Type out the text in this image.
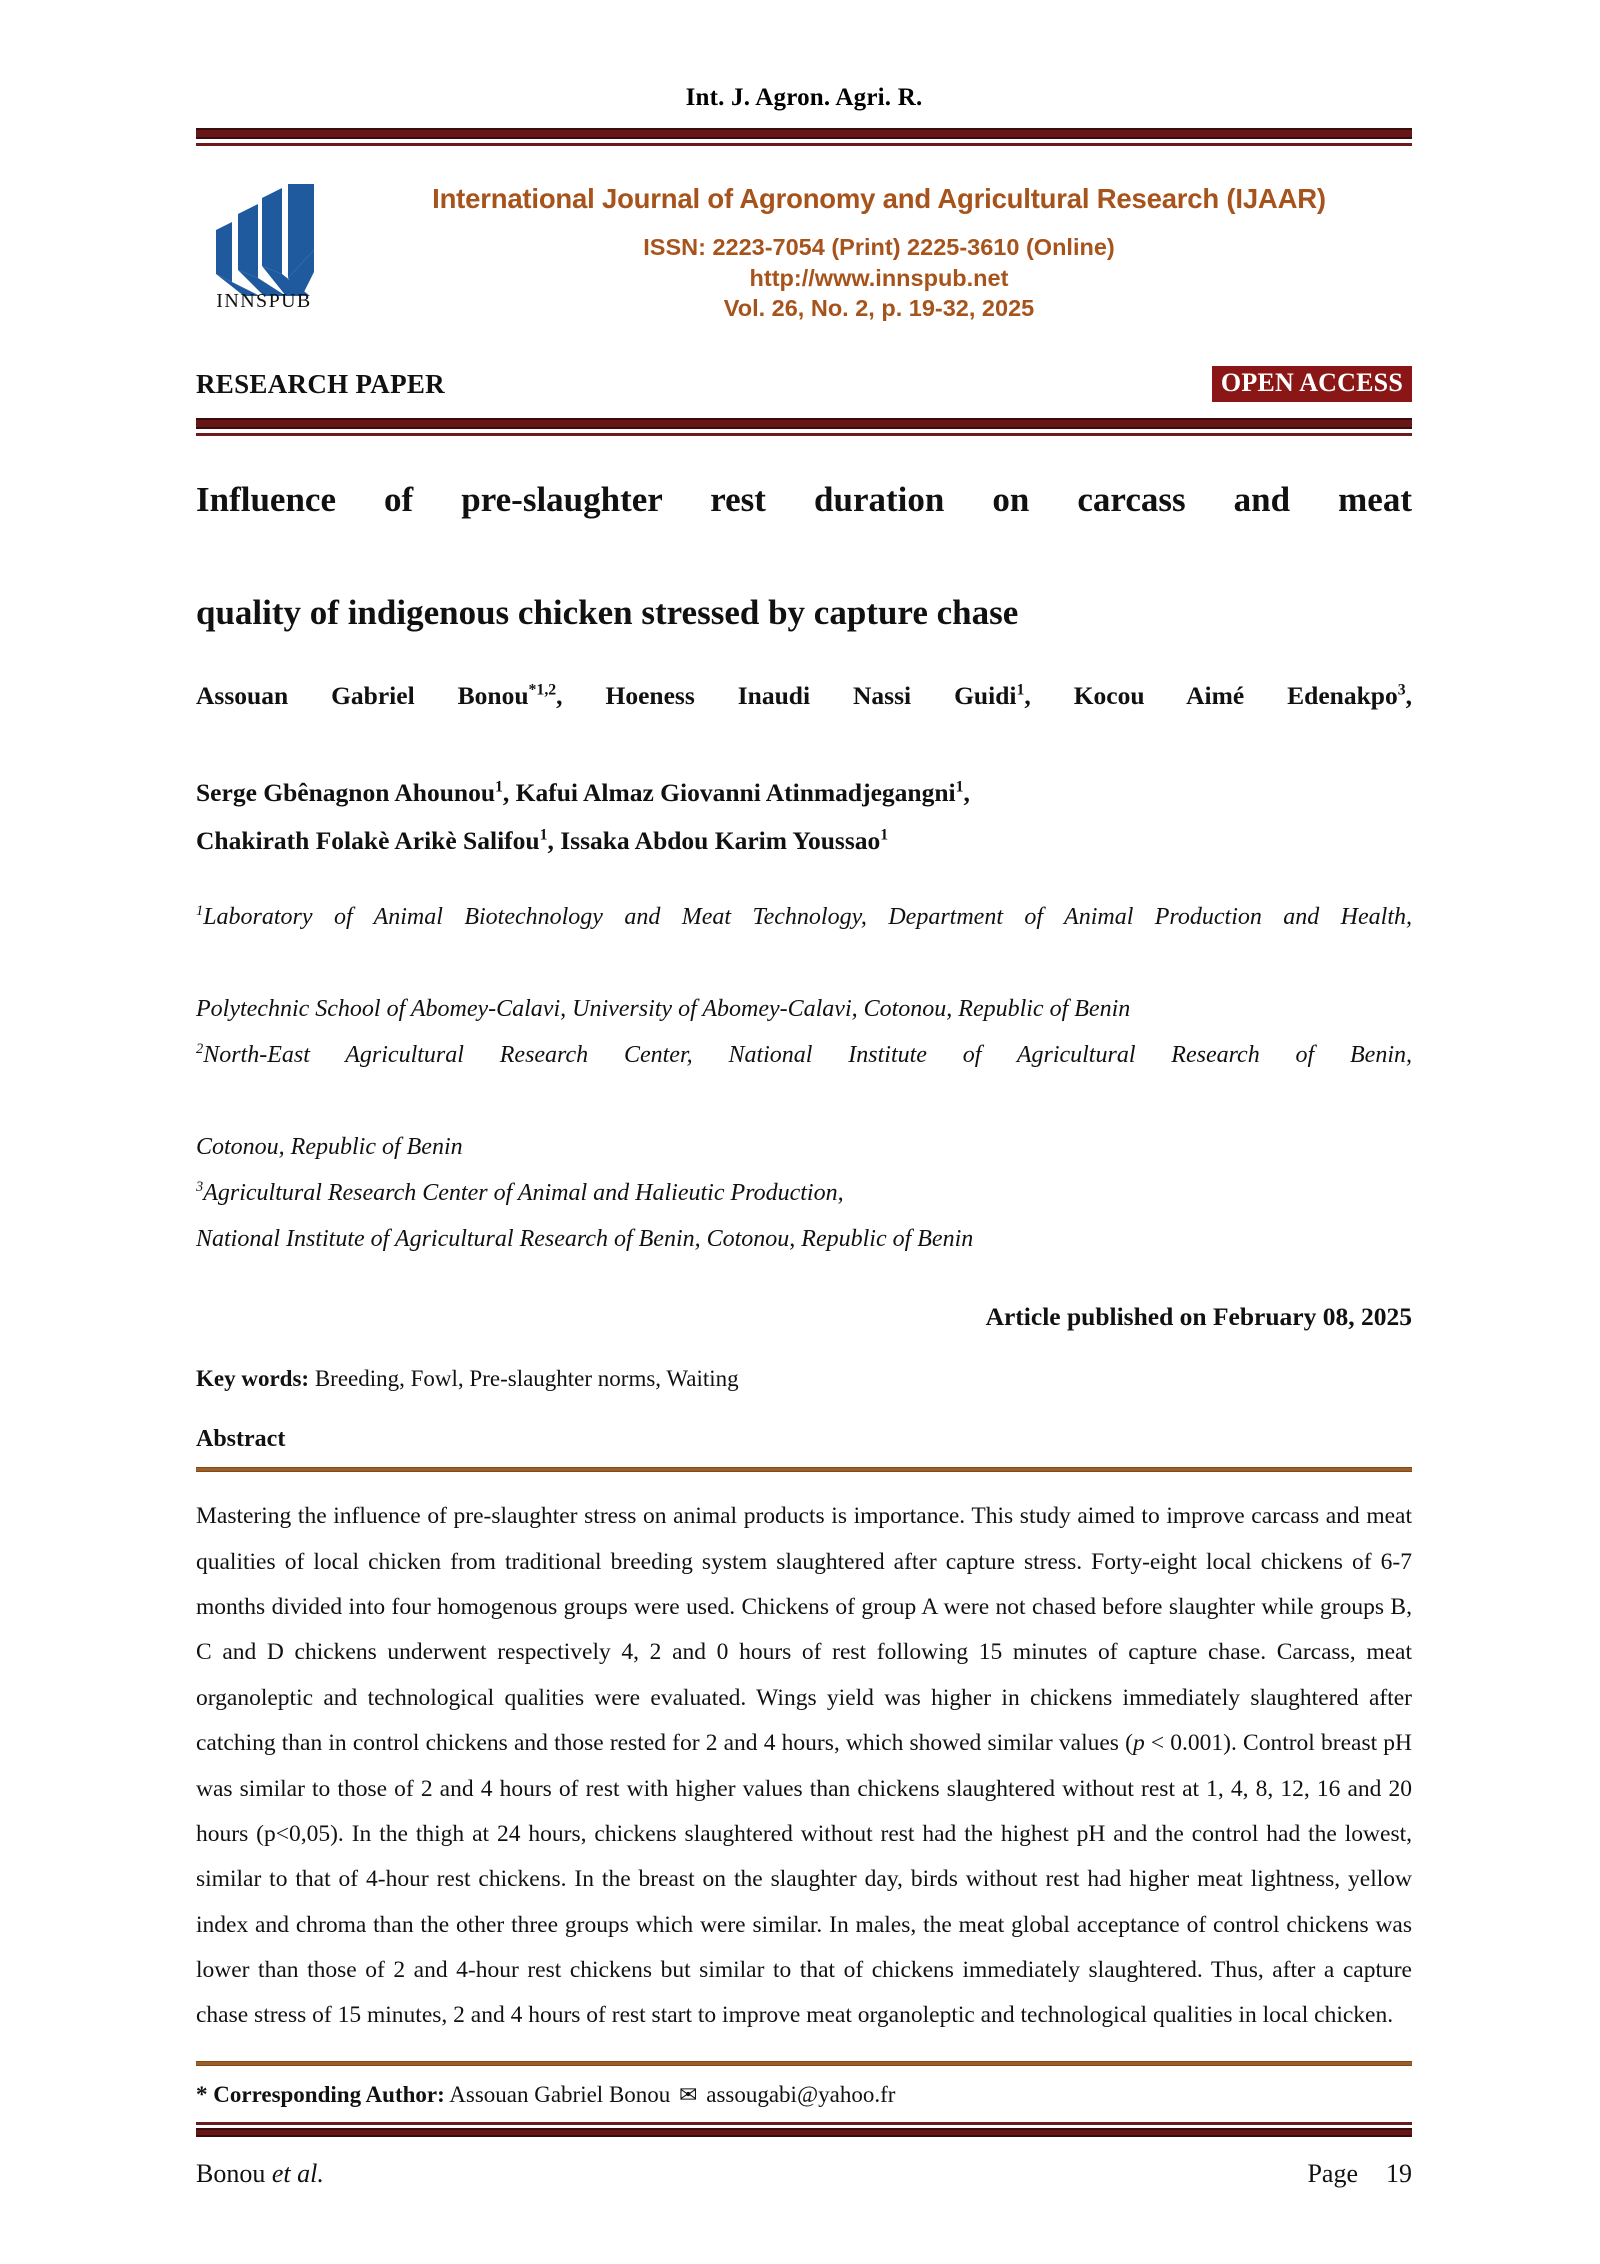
Int. J. Agron. Agri. R.
INNSPUB
International Journal of Agronomy and Agricultural Research (IJAAR)
ISSN: 2223-7054 (Print) 2225-3610 (Online)
http://www.innspub.net
Vol. 26, No. 2, p. 19-32, 2025
RESEARCH PAPER	OPEN ACCESS
Influence of pre-slaughter rest duration on carcass and meat
quality of indigenous chicken stressed by capture chase
Assouan Gabriel Bonou$^{*1,2}$, Hoeness Inaudi Nassi Guidi$^1$, Kocou Aimé Edenakpo$^3$,
Serge Gbênagnon Ahounou$^1$, Kafui Almaz Giovanni Atinmadjegangni$^1$,
Chakirath Folakè Arikè Salifou$^1$, Issaka Abdou Karim Youssao$^1$
$^1$Laboratory of Animal Biotechnology and Meat Technology, Department of Animal Production and Health,
Polytechnic School of Abomey-Calavi, University of Abomey-Calavi, Cotonou, Republic of Benin
$^2$North-East Agricultural Research Center, National Institute of Agricultural Research of Benin,
Cotonou, Republic of Benin
$^3$Agricultural Research Center of Animal and Halieutic Production,
National Institute of Agricultural Research of Benin, Cotonou, Republic of Benin
Article published on February 08, 2025
Key words: Breeding, Fowl, Pre-slaughter norms, Waiting
Abstract
Mastering the influence of pre-slaughter stress on animal products is importance. This study aimed to improve carcass and meat qualities of local chicken from traditional breeding system slaughtered after capture stress. Forty-eight local chickens of 6-7 months divided into four homogenous groups were used. Chickens of group A were not chased before slaughter while groups B, C and D chickens underwent respectively 4, 2 and 0 hours of rest following 15 minutes of capture chase. Carcass, meat organoleptic and technological qualities were evaluated. Wings yield was higher in chickens immediately slaughtered after catching than in control chickens and those rested for 2 and 4 hours, which showed similar values (p < 0.001). Control breast pH was similar to those of 2 and 4 hours of rest with higher values than chickens slaughtered without rest at 1, 4, 8, 12, 16 and 20 hours (p<0,05). In the thigh at 24 hours, chickens slaughtered without rest had the highest pH and the control had the lowest, similar to that of 4-hour rest chickens. In the breast on the slaughter day, birds without rest had higher meat lightness, yellow index and chroma than the other three groups which were similar. In males, the meat global acceptance of control chickens was lower than those of 2 and 4-hour rest chickens but similar to that of chickens immediately slaughtered. Thus, after a capture chase stress of 15 minutes, 2 and 4 hours of rest start to improve meat organoleptic and technological qualities in local chicken.
* Corresponding Author: Assouan Gabriel Bonou ✉ assougabi@yahoo.fr
Bonou et al.	Page 19
